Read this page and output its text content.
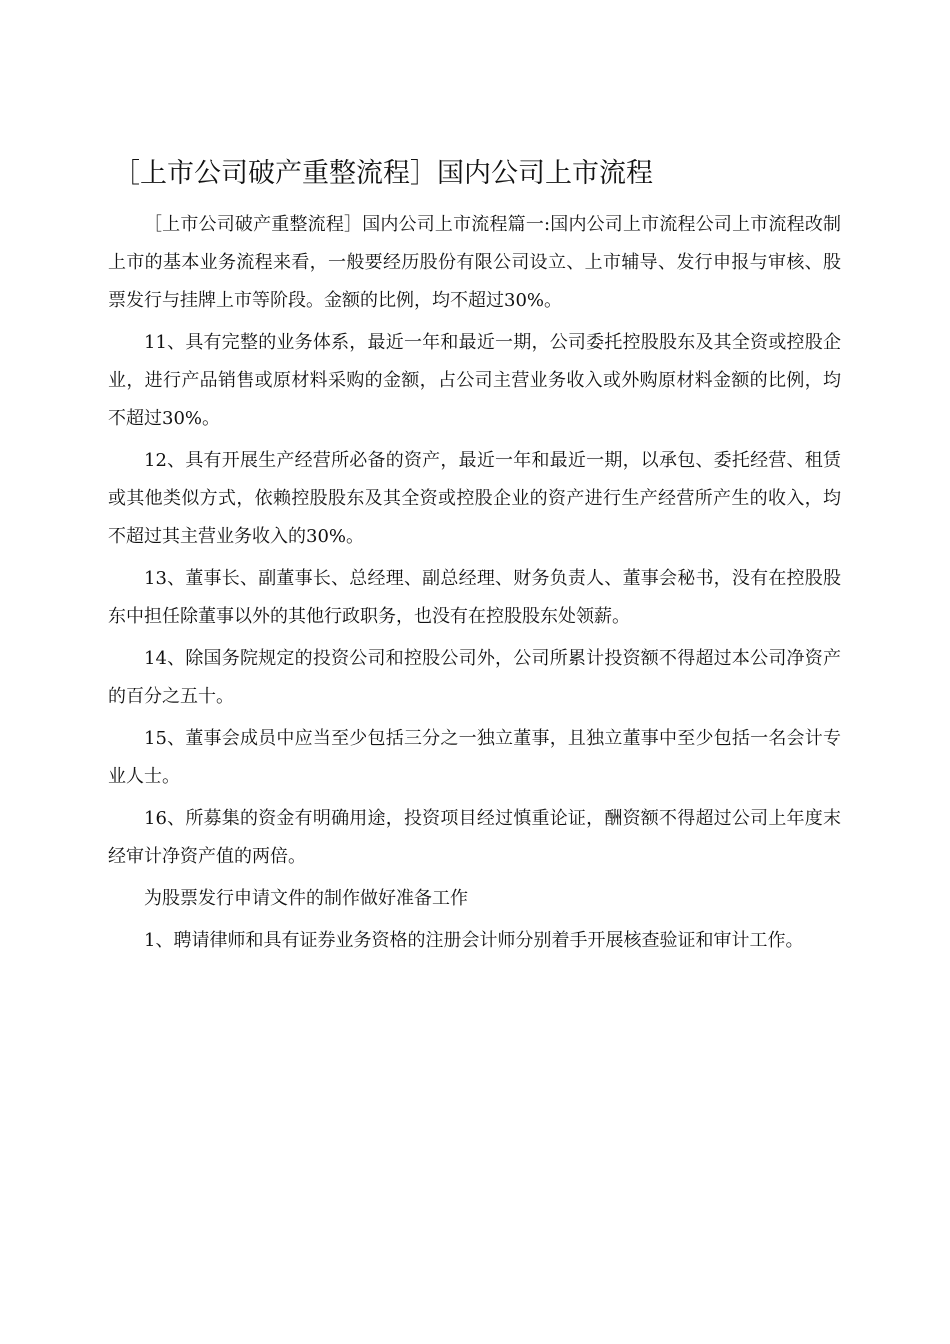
［上市公司破产重整流程］国内公司上市流程

［上市公司破产重整流程］国内公司上市流程篇一:国内公司上市流程公司上市流程改制上市的基本业务流程来看，一般要经历股份有限公司设立、上市辅导、发行申报与审核、股票发行与挂牌上市等阶段。金额的比例，均不超过30%。

11、具有完整的业务体系，最近一年和最近一期，公司委托控股股东及其全资或控股企业，进行产品销售或原材料采购的金额，占公司主营业务收入或外购原材料金额的比例，均不超过30%。

12、具有开展生产经营所必备的资产，最近一年和最近一期，以承包、委托经营、租赁或其他类似方式，依赖控股股东及其全资或控股企业的资产进行生产经营所产生的收入，均不超过其主营业务收入的30%。

13、董事长、副董事长、总经理、副总经理、财务负责人、董事会秘书，没有在控股股东中担任除董事以外的其他行政职务，也没有在控股股东处领薪。

14、除国务院规定的投资公司和控股公司外，公司所累计投资额不得超过本公司净资产的百分之五十。

15、董事会成员中应当至少包括三分之一独立董事，且独立董事中至少包括一名会计专业人士。

16、所募集的资金有明确用途，投资项目经过慎重论证，酬资额不得超过公司上年度末经审计净资产值的两倍。

为股票发行申请文件的制作做好准备工作

1、聘请律师和具有证券业务资格的注册会计师分别着手开展核查验证和审计工作。
